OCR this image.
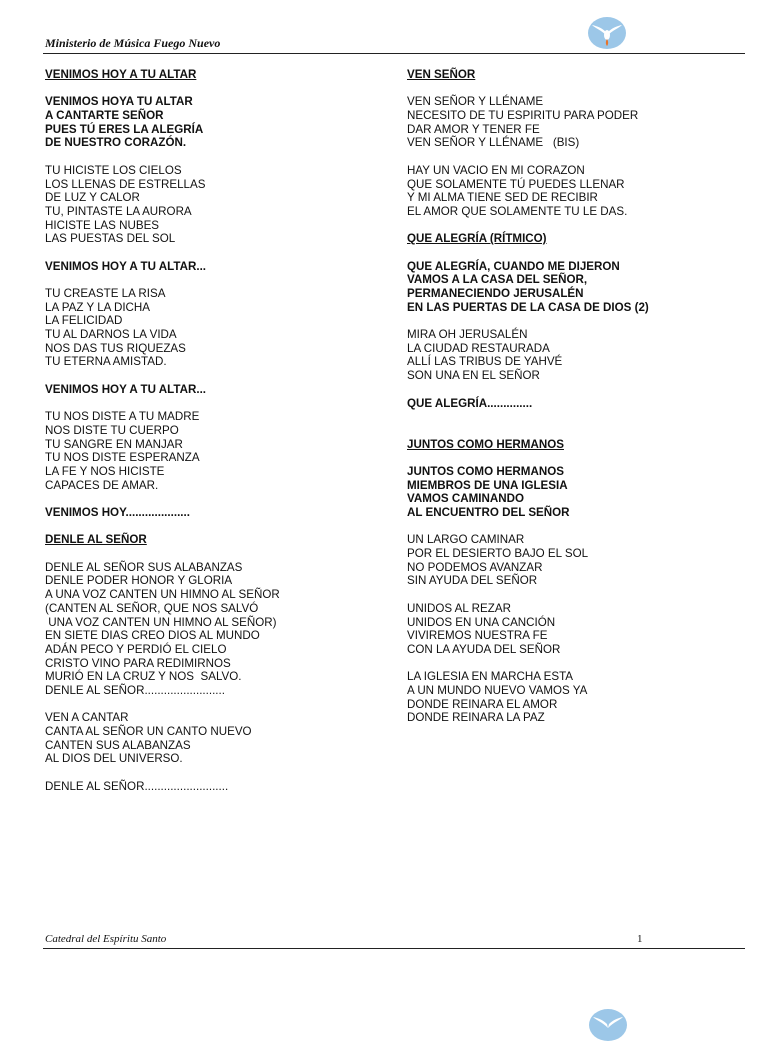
Ministerio de Música Fuego Nuevo
VENIMOS HOY A TU ALTAR
VENIMOS HOYA TU ALTAR
A CANTARTE SEÑOR
PUES TÚ ERES LA ALEGRÍA
DE NUESTRO CORAZÓN.
TU HICISTE LOS CIELOS
LOS LLENAS DE ESTRELLAS
DE LUZ Y CALOR
TU, PINTASTE LA AURORA
HICISTE LAS NUBES
LAS PUESTAS DEL SOL
VENIMOS HOY A TU ALTAR...
TU CREASTE LA RISA
LA PAZ Y LA DICHA
LA FELICIDAD
TU AL DARNOS LA VIDA
NOS DAS TUS RIQUEZAS
TU ETERNA AMISTAD.
VENIMOS HOY A TU ALTAR...
TU NOS DISTE A TU MADRE
NOS DISTE TU CUERPO
TU SANGRE EN MANJAR
TU NOS DISTE ESPERANZA
LA FE Y NOS HICISTE
CAPACES DE AMAR.
VENIMOS HOY....................
DENLE AL SEÑOR
DENLE AL SEÑOR SUS ALABANZAS
DENLE PODER HONOR Y GLORIA
A UNA VOZ CANTEN UN HIMNO AL SEÑOR
(CANTEN AL SEÑOR, QUE NOS SALVÓ
UNA VOZ CANTEN UN HIMNO AL SEÑOR)
EN SIETE DIAS CREO DIOS AL MUNDO
ADÁN PECO Y PERDIÓ EL CIELO
CRISTO VINO PARA REDIMIRNOS
MURIÓ EN LA CRUZ Y NOS  SALVO.
DENLE AL SEÑOR.........................
VEN A CANTAR
CANTA AL SEÑOR UN CANTO NUEVO
CANTEN SUS ALABANZAS
AL DIOS DEL UNIVERSO.
DENLE AL SEÑOR..........................
VEN SEÑOR
VEN SEÑOR Y LLÉNAME
NECESITO DE TU ESPIRITU PARA PODER
DAR AMOR Y TENER FE
VEN SEÑOR Y LLÉNAME   (BIS)
HAY UN VACIO EN MI CORAZON
QUE SOLAMENTE TÚ PUEDES LLENAR
Y MI ALMA TIENE SED DE RECIBIR
EL AMOR QUE SOLAMENTE TU LE DAS.
QUE ALEGRÍA (RÍTMICO)
QUE ALEGRÍA, CUANDO ME DIJERON
VAMOS A LA CASA DEL SEÑOR,
PERMANECIENDO JERUSALÉN
EN LAS PUERTAS DE LA CASA DE DIOS (2)
MIRA OH JERUSALÉN
LA CIUDAD RESTAURADA
ALLÍ LAS TRIBUS DE YAHVÉ
SON UNA EN EL SEÑOR
QUE ALEGRÍA..............
JUNTOS COMO HERMANOS
JUNTOS COMO HERMANOS
MIEMBROS DE UNA IGLESIA
VAMOS CAMINANDO
AL ENCUENTRO DEL SEÑOR
UN LARGO CAMINAR
POR EL DESIERTO BAJO EL SOL
NO PODEMOS AVANZAR
SIN AYUDA DEL SEÑOR
UNIDOS AL REZAR
UNIDOS EN UNA CANCIÓN
VIVIREMOS NUESTRA FE
CON LA AYUDA DEL SEÑOR
LA IGLESIA EN MARCHA ESTA
A UN MUNDO NUEVO VAMOS YA
DONDE REINARA EL AMOR
DONDE REINARA LA PAZ
Catedral del Espíritu Santo	1
